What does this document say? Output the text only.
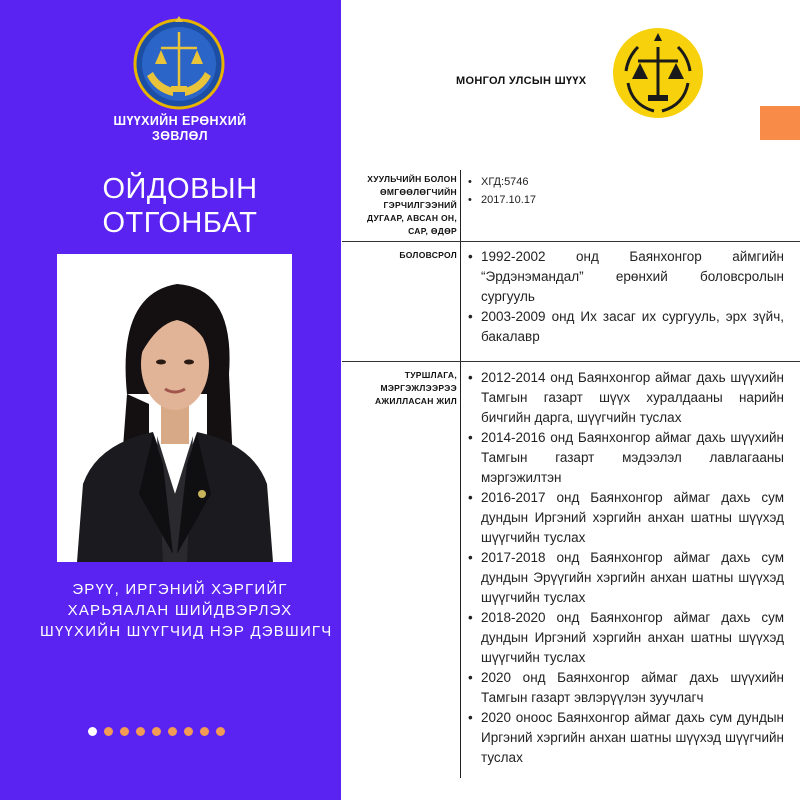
ШҮҮХИЙН ЕРӨНХИЙ
ЗӨВЛӨЛ
ОЙДОВЫН
ОТГОНБАТ
ЭРҮҮ, ИРГЭНИЙ ХЭРГИЙГ
ХАРЬЯАЛАН ШИЙДВЭРЛЭХ
ШҮҮХИЙН ШҮҮГЧИД НЭР ДЭВШИГЧ
МОНГОЛ УЛСЫН ШҮҮХ
ХУУЛЬЧИЙН БОЛОН
ӨМГӨӨЛӨГЧИЙН
ГЭРЧИЛГЭЭНИЙ
ДУГААР, АВСАН ОН,
САР, ӨДӨР
• ХГД:5746
• 2017.10.17
БОЛОВСРОЛ
•	1992-2002 онд Баянхонгор аймгийн “Эрдэнэмандал” ерөнхий боловсролын сургууль
• 2003-2009 онд Их засаг их сургууль, эрх зүйч, бакалавр
ТУРШЛАГА,
МЭРГЭЖЛЭЭРЭЭ
АЖИЛЛАСАН ЖИЛ
• 2012-2014 онд Баянхонгор аймаг дахь шүүхийн Тамгын газарт шүүх хуралдааны нарийн бичгийн дарга, шүүгчийн туслах
• 2014-2016 онд Баянхонгор аймаг дахь шүүхийн Тамгын газарт мэдээлэл лавлагааны мэргэжилтэн
• 2016-2017 онд Баянхонгор аймаг дахь сум дундын Иргэний хэргийн анхан шатны шүүхэд шүүгчийн туслах
• 2017-2018 онд Баянхонгор аймаг дахь сум дундын Эрүүгийн хэргийн анхан шатны шүүхэд шүүгчийн туслах
• 2018-2020 онд Баянхонгор аймаг дахь сум дундын Иргэний хэргийн анхан шатны шүүхэд шүүгчийн туслах
• 2020 онд Баянхонгор аймаг дахь шүүхийн Тамгын газарт эвлэрүүлэн зуучлагч
• 2020 оноос Баянхонгор аймаг дахь сум дундын Иргэний хэргийн анхан шатны шүүхэд шүүгчийн туслах
